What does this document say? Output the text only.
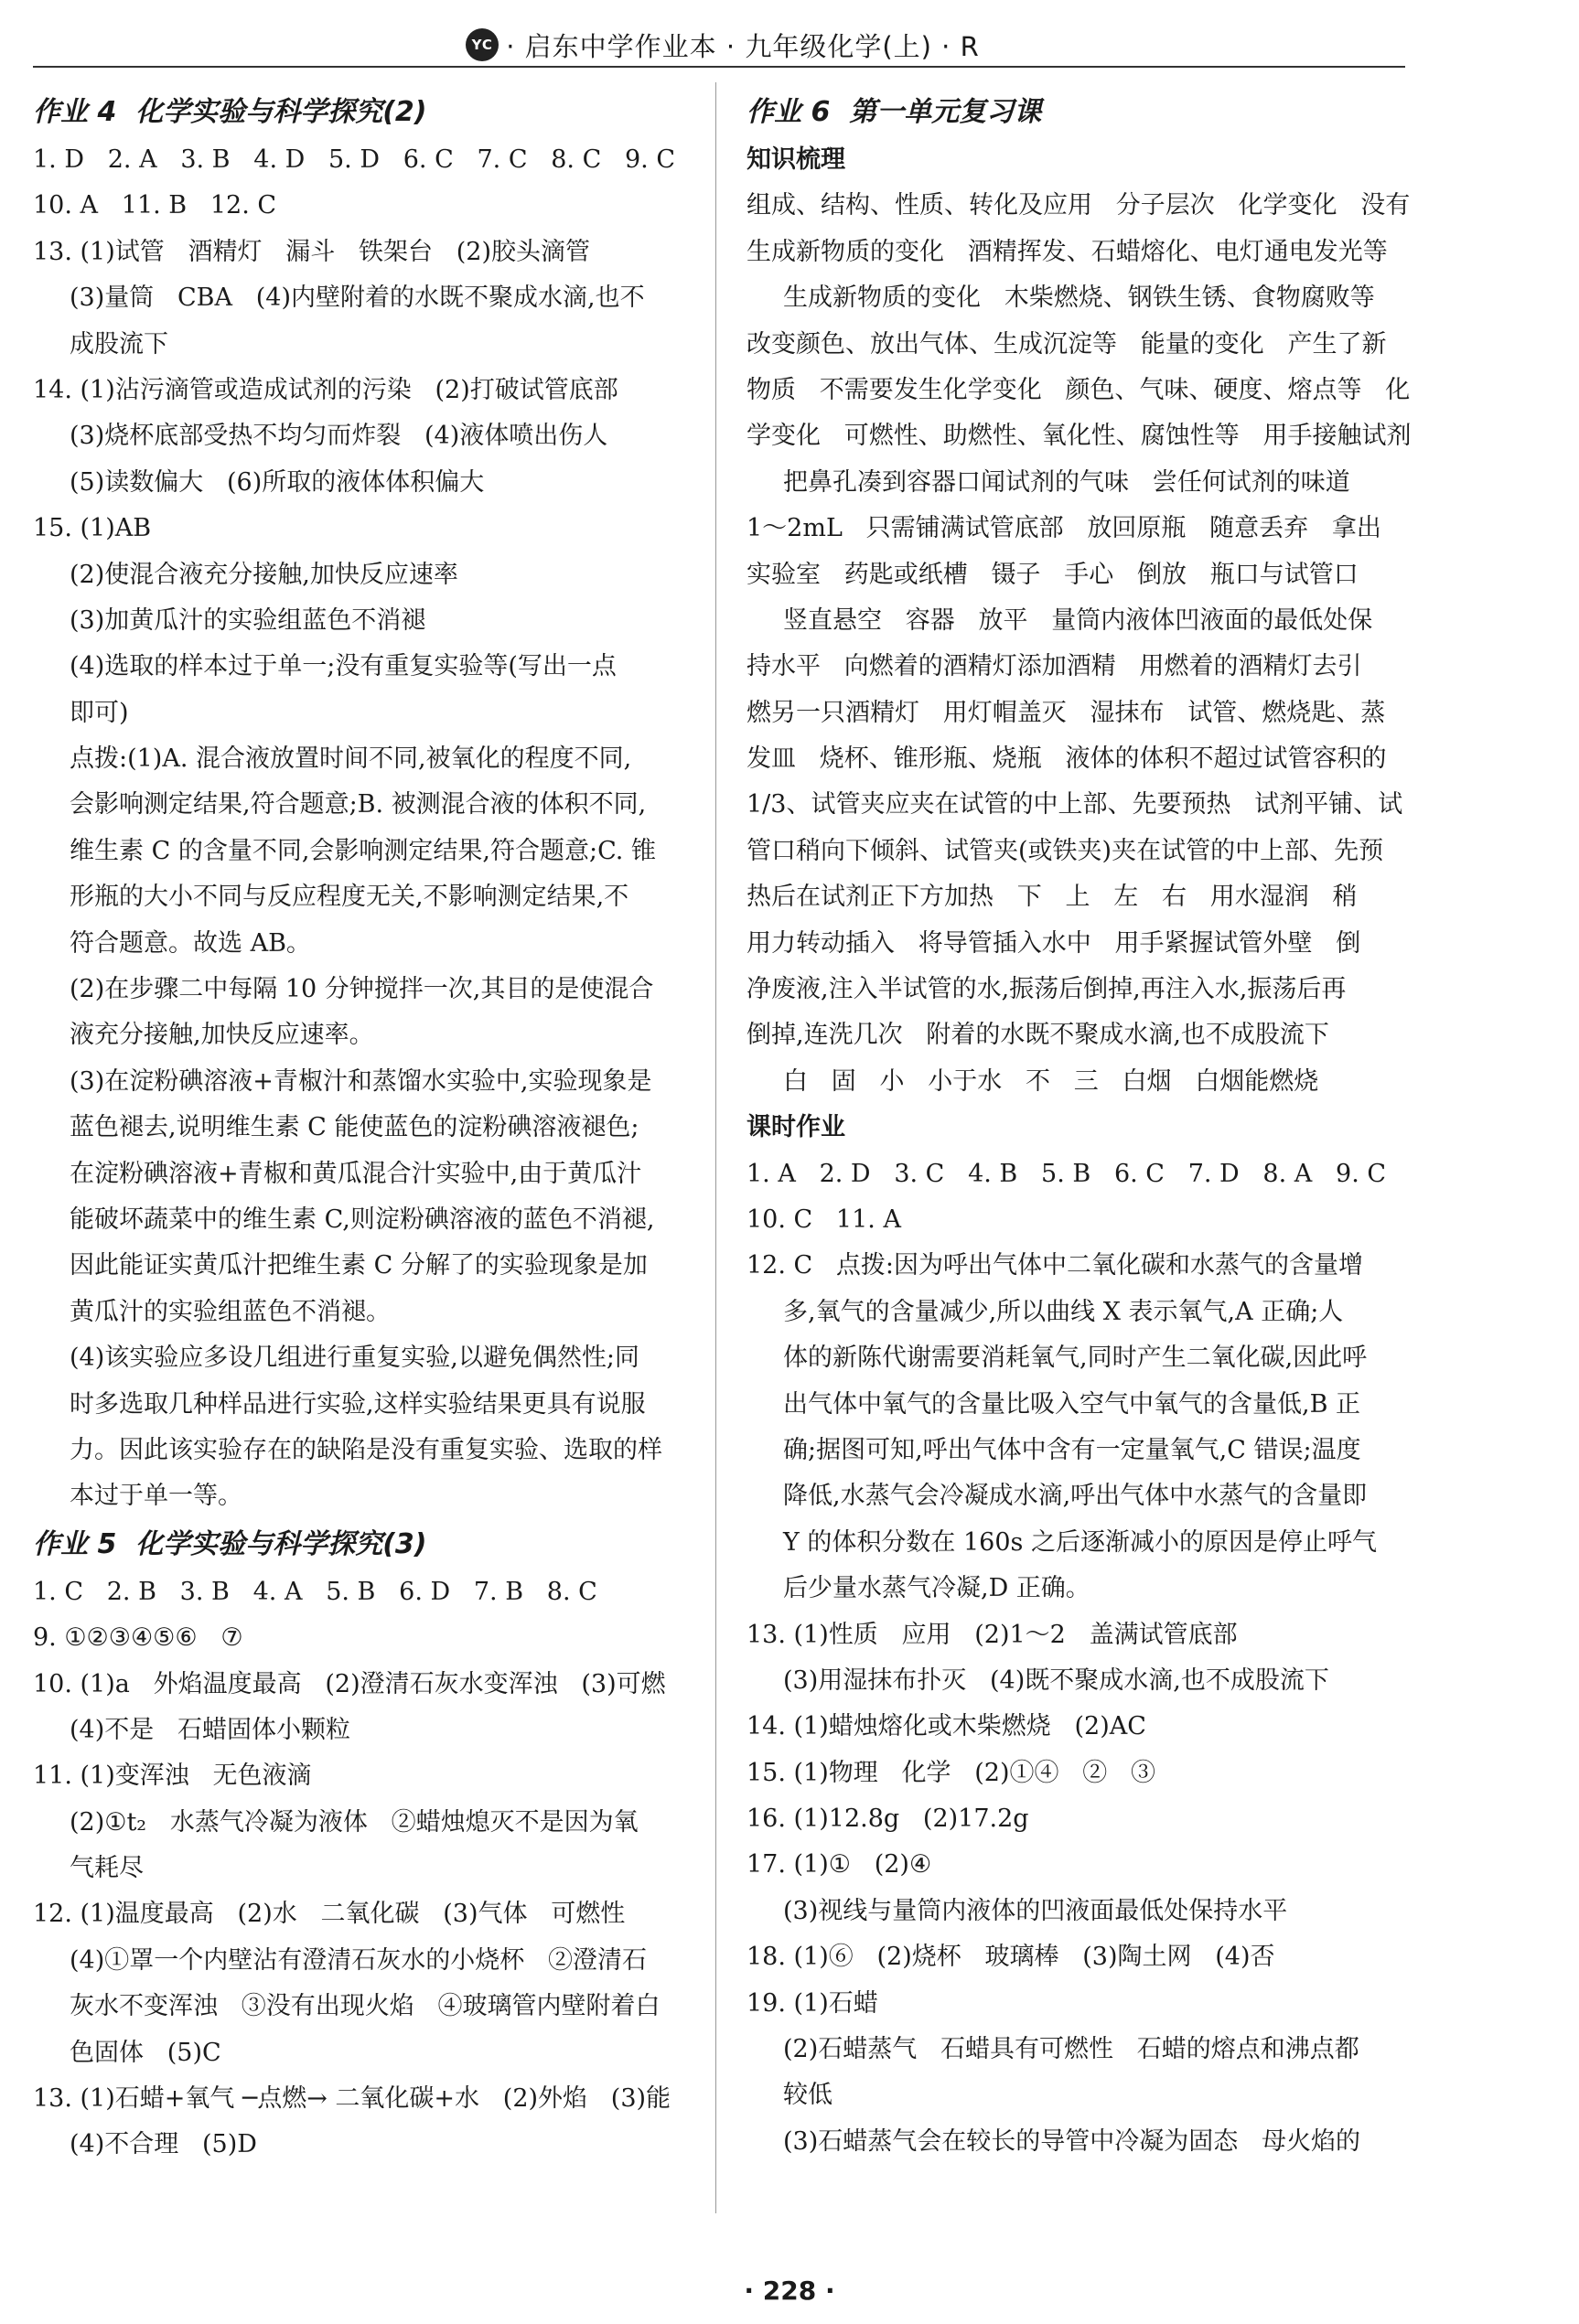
YC · 启东中学作业本 · 九年级化学(上) · R
作业 4  化学实验与科学探究(2)
1. D   2. A   3. B   4. D   5. D   6. C   7. C   8. C   9. C
10. A   11. B   12. C
13. (1)试管   酒精灯   漏斗   铁架台   (2)胶头滴管
(3)量筒   CBA   (4)内壁附着的水既不聚成水滴,也不
成股流下
14. (1)沾污滴管或造成试剂的污染   (2)打破试管底部
(3)烧杯底部受热不均匀而炸裂   (4)液体喷出伤人
(5)读数偏大   (6)所取的液体体积偏大
15. (1)AB
(2)使混合液充分接触,加快反应速率
(3)加黄瓜汁的实验组蓝色不消褪
(4)选取的样本过于单一;没有重复实验等(写出一点
即可)
点拨:(1)A. 混合液放置时间不同,被氧化的程度不同,
会影响测定结果,符合题意;B. 被测混合液的体积不同,
维生素 C 的含量不同,会影响测定结果,符合题意;C. 锥
形瓶的大小不同与反应程度无关,不影响测定结果,不
符合题意。故选 AB。
(2)在步骤二中每隔 10 分钟搅拌一次,其目的是使混合
液充分接触,加快反应速率。
(3)在淀粉碘溶液+青椒汁和蒸馏水实验中,实验现象是
蓝色褪去,说明维生素 C 能使蓝色的淀粉碘溶液褪色;
在淀粉碘溶液+青椒和黄瓜混合汁实验中,由于黄瓜汁
能破坏蔬菜中的维生素 C,则淀粉碘溶液的蓝色不消褪,
因此能证实黄瓜汁把维生素 C 分解了的实验现象是加
黄瓜汁的实验组蓝色不消褪。
(4)该实验应多设几组进行重复实验,以避免偶然性;同
时多选取几种样品进行实验,这样实验结果更具有说服
力。因此该实验存在的缺陷是没有重复实验、选取的样
本过于单一等。
作业 5  化学实验与科学探究(3)
1. C   2. B   3. B   4. A   5. B   6. D   7. B   8. C
9. ①②③④⑤⑥   ⑦
10. (1)a   外焰温度最高   (2)澄清石灰水变浑浊   (3)可燃
(4)不是   石蜡固体小颗粒
11. (1)变浑浊   无色液滴
(2)①t₂   水蒸气冷凝为液体   ②蜡烛熄灭不是因为氧
气耗尽
12. (1)温度最高   (2)水   二氧化碳   (3)气体   可燃性
(4)①罩一个内壁沾有澄清石灰水的小烧杯   ②澄清石
灰水不变浑浊   ③没有出现火焰   ④玻璃管内壁附着白
色固体   (5)C
13. (1)石蜡+氧气 ─点燃→ 二氧化碳+水   (2)外焰   (3)能
(4)不合理   (5)D
作业 6  第一单元复习课
知识梳理
组成、结构、性质、转化及应用   分子层次   化学变化   没有
生成新物质的变化   酒精挥发、石蜡熔化、电灯通电发光等
生成新物质的变化   木柴燃烧、钢铁生锈、食物腐败等
改变颜色、放出气体、生成沉淀等   能量的变化   产生了新
物质   不需要发生化学变化   颜色、气味、硬度、熔点等   化
学变化   可燃性、助燃性、氧化性、腐蚀性等   用手接触试剂
把鼻孔凑到容器口闻试剂的气味   尝任何试剂的味道
1～2mL   只需铺满试管底部   放回原瓶   随意丢弃   拿出
实验室   药匙或纸槽   镊子   手心   倒放   瓶口与试管口
竖直悬空   容器   放平   量筒内液体凹液面的最低处保
持水平   向燃着的酒精灯添加酒精   用燃着的酒精灯去引
燃另一只酒精灯   用灯帽盖灭   湿抹布   试管、燃烧匙、蒸
发皿   烧杯、锥形瓶、烧瓶   液体的体积不超过试管容积的
1/3、试管夹应夹在试管的中上部、先要预热   试剂平铺、试
管口稍向下倾斜、试管夹(或铁夹)夹在试管的中上部、先预
热后在试剂正下方加热   下   上   左   右   用水湿润   稍
用力转动插入   将导管插入水中   用手紧握试管外壁   倒
净废液,注入半试管的水,振荡后倒掉,再注入水,振荡后再
倒掉,连洗几次   附着的水既不聚成水滴,也不成股流下
白   固   小   小于水   不   三   白烟   白烟能燃烧
课时作业
1. A   2. D   3. C   4. B   5. B   6. C   7. D   8. A   9. C
10. C   11. A
12. C   点拨:因为呼出气体中二氧化碳和水蒸气的含量增
多,氧气的含量减少,所以曲线 X 表示氧气,A 正确;人
体的新陈代谢需要消耗氧气,同时产生二氧化碳,因此呼
出气体中氧气的含量比吸入空气中氧气的含量低,B 正
确;据图可知,呼出气体中含有一定量氧气,C 错误;温度
降低,水蒸气会冷凝成水滴,呼出气体中水蒸气的含量即
Y 的体积分数在 160s 之后逐渐减小的原因是停止呼气
后少量水蒸气冷凝,D 正确。
13. (1)性质   应用   (2)1～2   盖满试管底部
(3)用湿抹布扑灭   (4)既不聚成水滴,也不成股流下
14. (1)蜡烛熔化或木柴燃烧   (2)AC
15. (1)物理   化学   (2)①④   ②   ③
16. (1)12.8g   (2)17.2g
17. (1)①   (2)④
(3)视线与量筒内液体的凹液面最低处保持水平
18. (1)⑥   (2)烧杯   玻璃棒   (3)陶土网   (4)否
19. (1)石蜡
(2)石蜡蒸气   石蜡具有可燃性   石蜡的熔点和沸点都
较低
(3)石蜡蒸气会在较长的导管中冷凝为固态   母火焰的
· 228 ·
